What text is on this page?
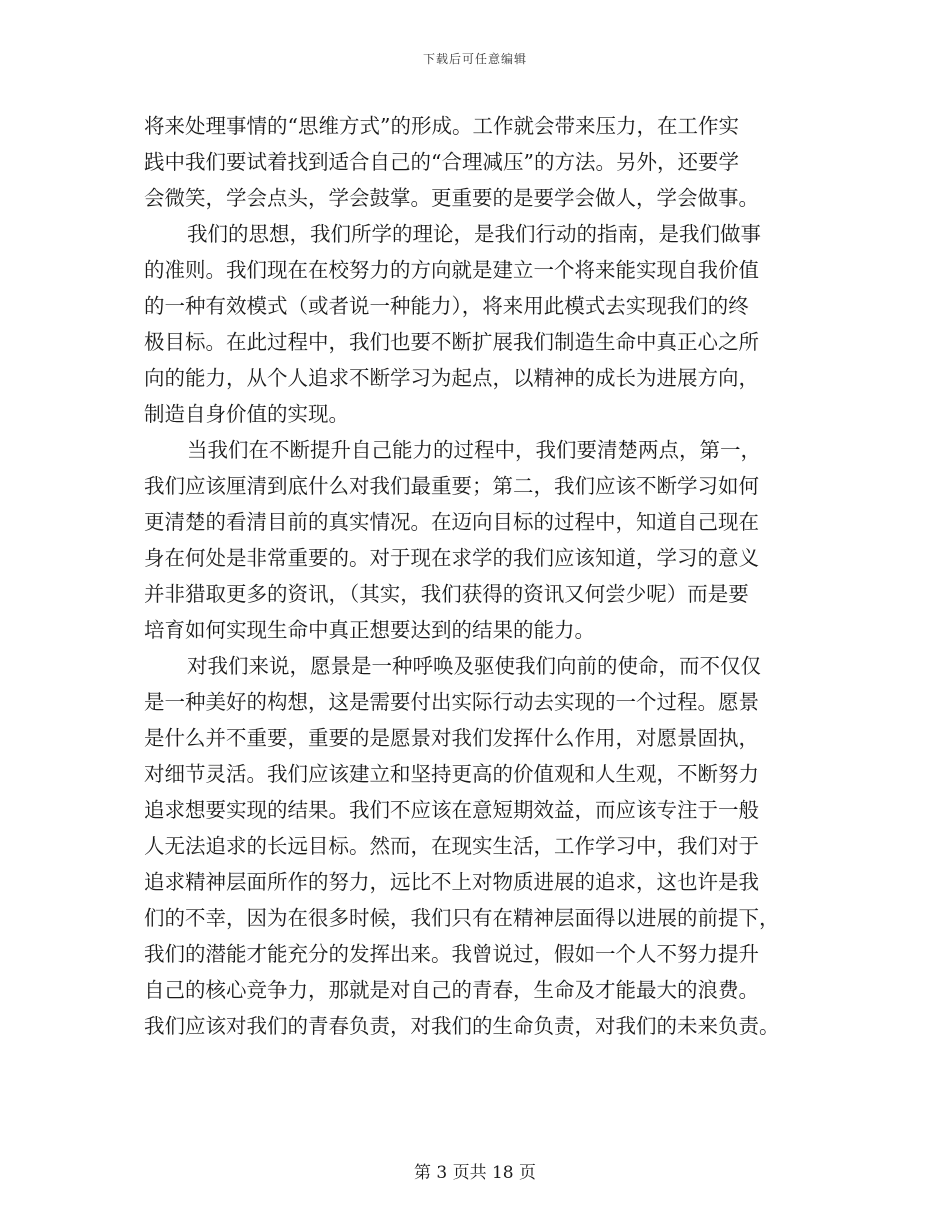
下载后可任意编辑
将来处理事情的“思维方式”的形成。工作就会带来压力，在工作实
践中我们要试着找到适合自己的“合理减压”的方法。另外，还要学
会微笑，学会点头，学会鼓掌。更重要的是要学会做人，学会做事。
我们的思想，我们所学的理论，是我们行动的指南，是我们做事
的准则。我们现在在校努力的方向就是建立一个将来能实现自我价值
的一种有效模式（或者说一种能力），将来用此模式去实现我们的终
极目标。在此过程中，我们也要不断扩展我们制造生命中真正心之所
向的能力，从个人追求不断学习为起点，以精神的成长为进展方向，
制造自身价值的实现。
当我们在不断提升自己能力的过程中，我们要清楚两点，第一，
我们应该厘清到底什么对我们最重要；第二，我们应该不断学习如何
更清楚的看清目前的真实情况。在迈向目标的过程中，知道自己现在
身在何处是非常重要的。对于现在求学的我们应该知道，学习的意义
并非猎取更多的资讯，（其实，我们获得的资讯又何尝少呢）而是要
培育如何实现生命中真正想要达到的结果的能力。
对我们来说，愿景是一种呼唤及驱使我们向前的使命，而不仅仅
是一种美好的构想，这是需要付出实际行动去实现的一个过程。愿景
是什么并不重要，重要的是愿景对我们发挥什么作用，对愿景固执，
对细节灵活。我们应该建立和坚持更高的价值观和人生观，不断努力
追求想要实现的结果。我们不应该在意短期效益，而应该专注于一般
人无法追求的长远目标。然而，在现实生活，工作学习中，我们对于
追求精神层面所作的努力，远比不上对物质进展的追求，这也许是我
们的不幸，因为在很多时候，我们只有在精神层面得以进展的前提下，
我们的潜能才能充分的发挥出来。我曾说过，假如一个人不努力提升
自己的核心竞争力，那就是对自己的青春，生命及才能最大的浪费。
我们应该对我们的青春负责，对我们的生命负责，对我们的未来负责。
第 3 页共 18 页
